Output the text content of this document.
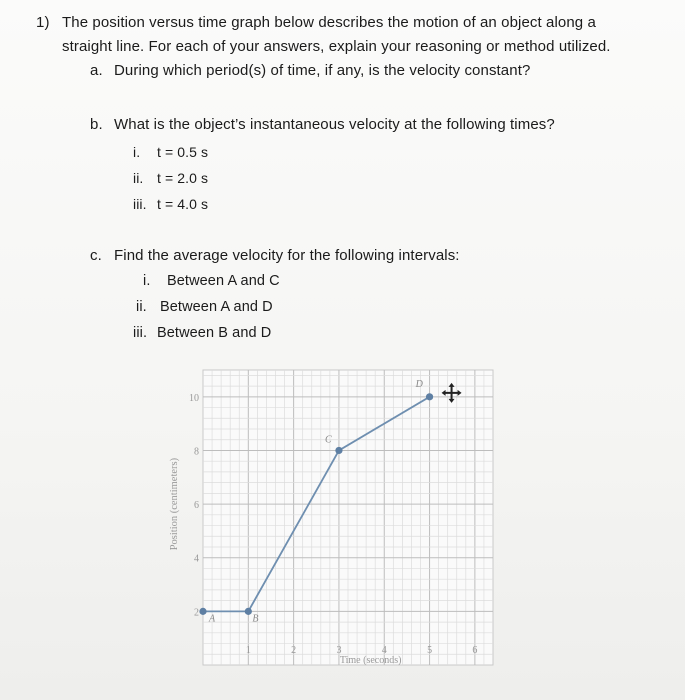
1) The position versus time graph below describes the motion of an object along a
straight line. For each of your answers, explain your reasoning or method utilized.
a. During which period(s) of time, if any, is the velocity constant?
b. What is the object’s instantaneous velocity at the following times?
i. t = 0.5 s
ii. t = 2.0 s
iii. t = 4.0 s
c. Find the average velocity for the following intervals:
i. Between A and C
ii. Between A and D
iii. Between B and D
1	2	3	4	5	6
2
4
6
8
10
Time (seconds)
Position (centimeters)
A	B
C
D
